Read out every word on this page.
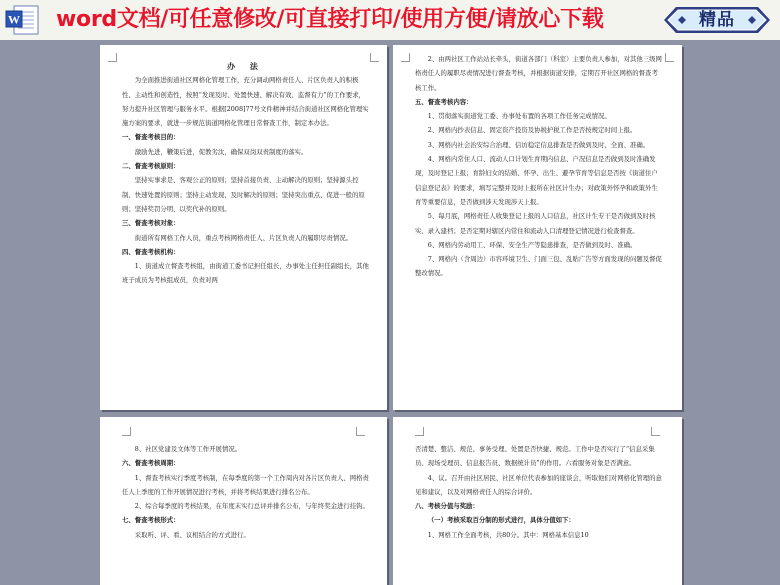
W word文档/可任意修改/可直接打印/使用方便/请放心下载	精品

办 法

为全面推进街道社区网格化管理工作，充分调动网格责任人、片区负责人的积极性、主动性和创造性，按照“发现及时、处置快速、解决有效、监督有力”的工作要求，努力提升社区管理与服务水平。根据[2008]77号文件精神并结合街道社区网格化管理实施方案的要求，就进一步规范街道网格化管理日常督查工作，制定本办法。

一、督查考核目的：

激励先进，鞭策后进，促教劣汰，确保双岗双责制度的落实。

二、督查考核原则：

坚持实事求是、客观公正的原则；坚持首接负责、主动解决的原则；坚持源头控制、快速处置的原则；坚持主动发现、及时解决的原则；坚持突出重点、促进一般的原则；坚持奖罚分明、以奖代补的原则。

三、督查考核对象：

街道所有网格工作人员，重点考核网格责任人、片区负责人的履职尽责情况。

四、督查考核机构：

1、街道成立督查考核组，由街道工委书记担任组长，办事处主任担任副组长，其他班子成员为考核组成员，负责对两

2、由两社区工作站站长牵头，街道各部门（科室）主要负责人参加，对其他三级网格责任人的履职尽责情况进行督查考核，并根据街道安排，定期召开社区网格的督查考核工作。

五、督查考核内容：

1、贯彻落实街道党工委、办事处布置的各项工作任务完成情况。

2、网格内抄表信息、固定资产投资及协税护税工作是否按规定时间上报。

3、网格内社会治安综合治理、信访稳定信息排查是否做到及时、全面、准确。

4、网格内常住人口、流动人口计划生育期内信息、户况信息是否做到及时准确发现，及时登记上报；育龄妇女的结婚、怀孕、出生、避孕节育等信息是否按《街道住户信息登记表》的要求，填写完整并及时上报所在社区计生办；对政策外怀孕和政策外生育等重要信息，是否做到涉天发现涉天上报。

5、每月底，网格责任人收集登记上报的人口信息，社区计生专干是否做到及时核实、录入建档；是否定期对辖区内常住和流动人口清理登记情况进行检查督查。

6、网格内劳动用工、环保、安全生产等隐患排查，是否做到及时、准确。

7、网格内（含周边）市容环境卫生、门面三包、乱贴广告等方面发现的问题及督促整改情况。

8、社区党建及文体等工作开展情况。

六、督查考核周期：

1、督查考核实行季度考核制，在每季度的第一个工作周内对各片区负责人、网格责任人上季度的工作开展情况进行考核，并将考核结果进行排名公布。

2、综合每季度的考核结果，在年度末实行总评并排名公布，与年终奖金进行挂钩。

七、督查考核形式：

采取听、评、看、议相结合的方式进行。

否清楚、整洁、规范、事务受理、处置是否快捷、规范。工作中是否实行了“信息采集员、现场受理员、信息报告员、数据统计员”的作用。六看服务对象是否满意。

4、议。召开由社区居民、社区单位代表参加的座谈会，听取他们对网格化管理的意见和建议，以及对网格责任人的综合评价。

八、考核分值与奖励：

（一）考核采取百分制的形式进行，具体分值如下：

1、网格工作全面考核，共80分。其中：网格基本信息10
